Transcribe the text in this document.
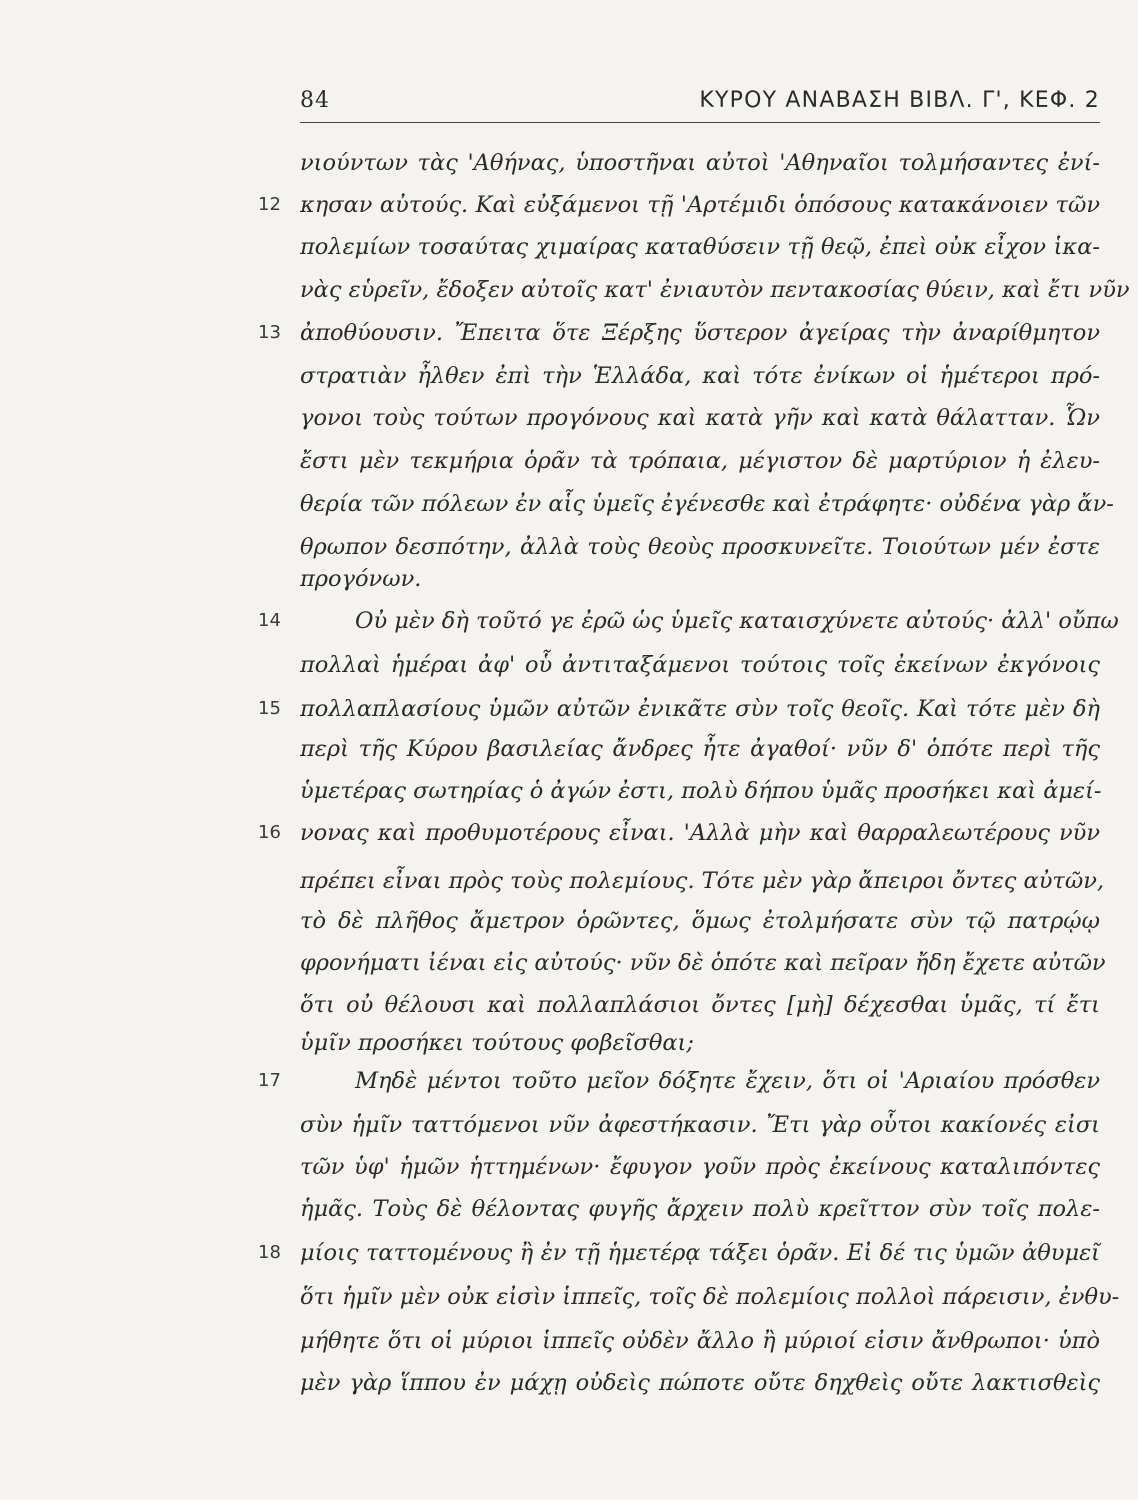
84	ΚΥΡΟΥ ΑΝΑΒΑΣΗ ΒΙΒΛ. Γ', ΚΕΦ. 2
12
13
14
15
16
17
18
νιούντων τὰς 'Αθήνας, ὑποστῆναι αὐτοὶ 'Αθηναῖοι τολμήσαντες ἐνί-
κησαν αὐτούς. Καὶ εὐξάμενοι τῇ 'Αρτέμιδι ὁπόσους κατακάνοιεν τῶν
πολεμίων τοσαύτας χιμαίρας καταθύσειν τῇ θεῷ, ἐπεὶ οὐκ εἶχον ἱκα-
νὰς εὑρεῖν, ἔδοξεν αὐτοῖς κατ' ἐνιαυτὸν πεντακοσίας θύειν, καὶ ἔτι νῦν
ἀποθύουσιν. Ἔπειτα ὅτε Ξέρξης ὕστερον ἀγείρας τὴν ἀναρίθμητον
στρατιὰν ἦλθεν ἐπὶ τὴν Ἑλλάδα, καὶ τότε ἐνίκων οἱ ἡμέτεροι πρό-
γονοι τοὺς τούτων προγόνους καὶ κατὰ γῆν καὶ κατὰ θάλατταν. Ὧν
ἔστι μὲν τεκμήρια ὁρᾶν τὰ τρόπαια, μέγιστον δὲ μαρτύριον ἡ ἐλευ-
θερία τῶν πόλεων ἐν αἷς ὑμεῖς ἐγένεσθε καὶ ἐτράφητε· οὐδένα γὰρ ἄν-
θρωπον δεσπότην, ἀλλὰ τοὺς θεοὺς προσκυνεῖτε. Τοιούτων μέν ἐστε
προγόνων.
Οὐ μὲν δὴ τοῦτό γε ἐρῶ ὡς ὑμεῖς καταισχύνετε αὐτούς· ἀλλ' οὔπω
πολλαὶ ἡμέραι ἀφ' οὗ ἀντιταξάμενοι τούτοις τοῖς ἐκείνων ἐκγόνοις
πολλαπλασίους ὑμῶν αὐτῶν ἐνικᾶτε σὺν τοῖς θεοῖς. Καὶ τότε μὲν δὴ
περὶ τῆς Κύρου βασιλείας ἄνδρες ἦτε ἀγαθοί· νῦν δ' ὁπότε περὶ τῆς
ὑμετέρας σωτηρίας ὁ ἀγών ἐστι, πολὺ δήπου ὑμᾶς προσήκει καὶ ἀμεί-
νονας καὶ προθυμοτέρους εἶναι. 'Αλλὰ μὴν καὶ θαρραλεωτέρους νῦν
πρέπει εἶναι πρὸς τοὺς πολεμίους. Τότε μὲν γὰρ ἄπειροι ὄντες αὐτῶν,
τὸ δὲ πλῆθος ἄμετρον ὁρῶντες, ὅμως ἐτολμήσατε σὺν τῷ πατρῴῳ
φρονήματι ἰέναι εἰς αὐτούς· νῦν δὲ ὁπότε καὶ πεῖραν ἤδη ἔχετε αὐτῶν
ὅτι οὐ θέλουσι καὶ πολλαπλάσιοι ὄντες [μὴ] δέχεσθαι ὑμᾶς, τί ἔτι
ὑμῖν προσήκει τούτους φοβεῖσθαι;
Μηδὲ μέντοι τοῦτο μεῖον δόξητε ἔχειν, ὅτι οἱ 'Αριαίου πρόσθεν
σὺν ἡμῖν ταττόμενοι νῦν ἀφεστήκασιν. Ἔτι γὰρ οὗτοι κακίονές εἰσι
τῶν ὑφ' ἡμῶν ἡττημένων· ἔφυγον γοῦν πρὸς ἐκείνους καταλιπόντες
ἡμᾶς. Τοὺς δὲ θέλοντας φυγῆς ἄρχειν πολὺ κρεῖττον σὺν τοῖς πολε-
μίοις ταττομένους ἢ ἐν τῇ ἡμετέρᾳ τάξει ὁρᾶν. Εἰ δέ τις ὑμῶν ἀθυμεῖ
ὅτι ἡμῖν μὲν οὐκ εἰσὶν ἱππεῖς, τοῖς δὲ πολεμίοις πολλοὶ πάρεισιν, ἐνθυ-
μήθητε ὅτι οἱ μύριοι ἱππεῖς οὐδὲν ἄλλο ἢ μύριοί εἰσιν ἄνθρωποι· ὑπὸ
μὲν γὰρ ἵππου ἐν μάχῃ οὐδεὶς πώποτε οὔτε δηχθεὶς οὔτε λακτισθεὶς
